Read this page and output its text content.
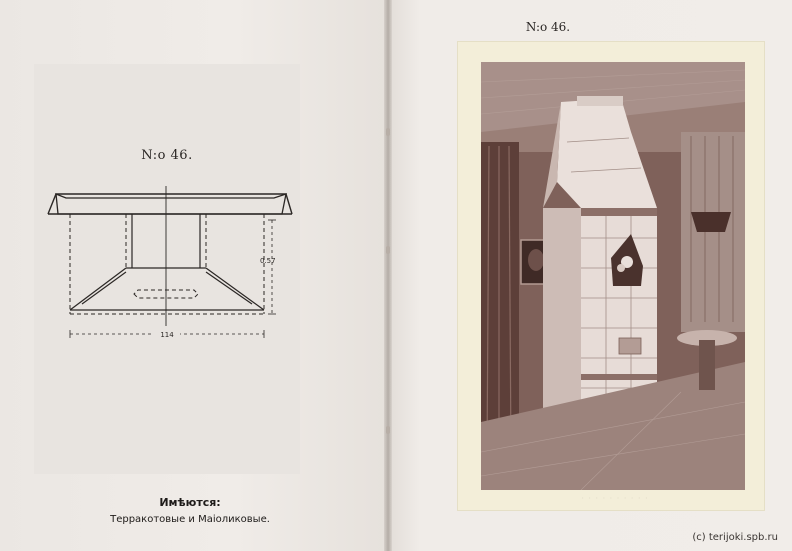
N:o 46.
0.57
114
Имѣются:
Терракотовые и Маіоликовые.
N:o 46.
· · · · · · · · · ·
(c) terijoki.spb.ru
